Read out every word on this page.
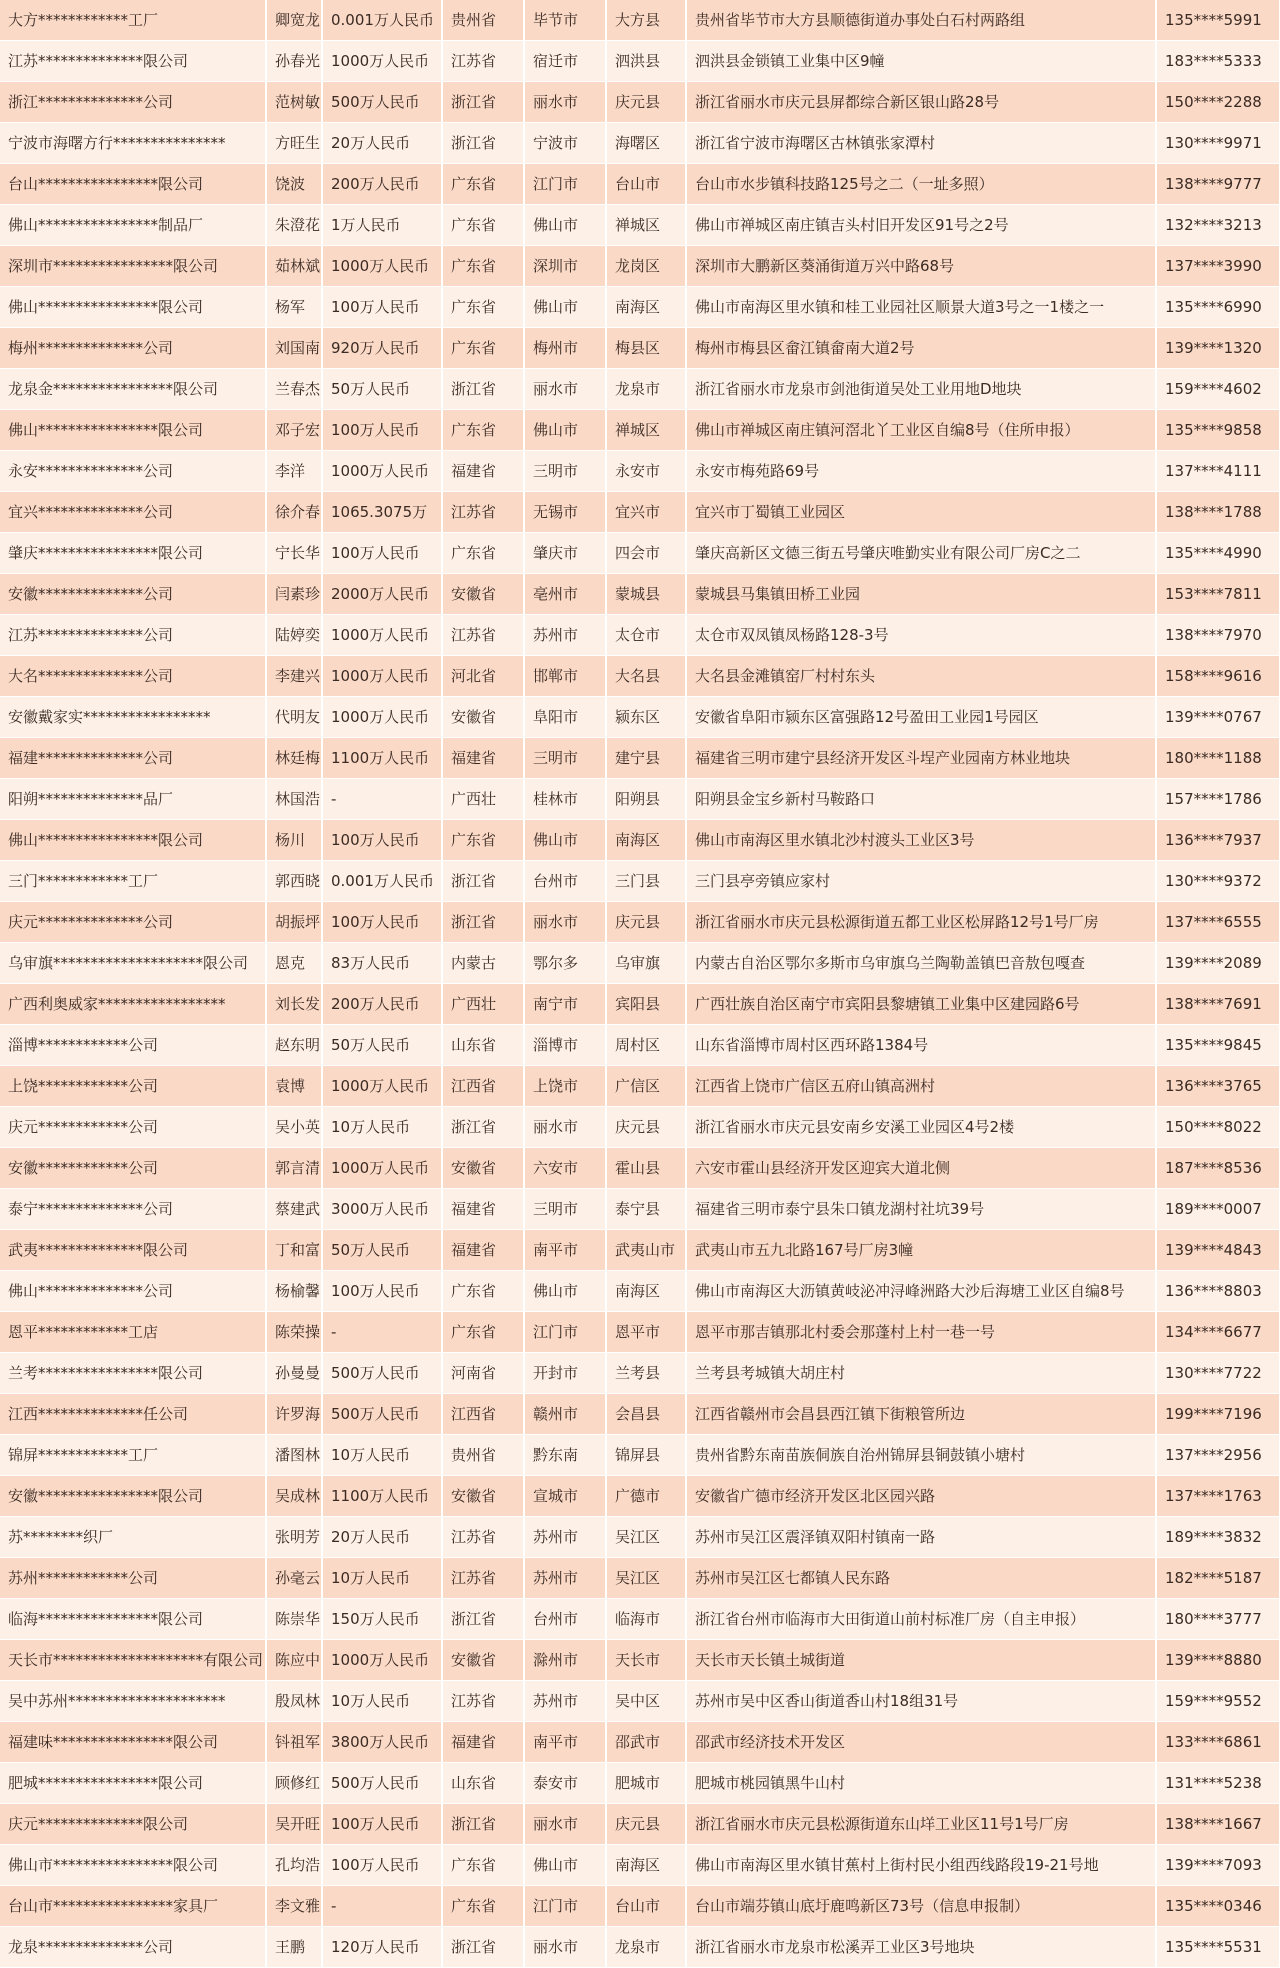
大方************工厂	卿宽龙	0.001万人民币	贵州省	毕节市	大方县	贵州省毕节市大方县顺德街道办事处白石村两路组	135****5991
江苏**************限公司	孙春光	1000万人民币	江苏省	宿迁市	泗洪县	泗洪县金锁镇工业集中区9幢	183****5333
浙江**************公司	范树敏	500万人民币	浙江省	丽水市	庆元县	浙江省丽水市庆元县屏都综合新区银山路28号	150****2288
宁波市海曙方行***************	方旺生	20万人民币	浙江省	宁波市	海曙区	浙江省宁波市海曙区古林镇张家潭村	130****9971
台山****************限公司	饶波	200万人民币	广东省	江门市	台山市	台山市水步镇科技路125号之二（一址多照）	138****9777
佛山****************制品厂	朱澄花	1万人民币	广东省	佛山市	禅城区	佛山市禅城区南庄镇吉头村旧开发区91号之2号	132****3213
深圳市****************限公司	茹林斌	1000万人民币	广东省	深圳市	龙岗区	深圳市大鹏新区葵涌街道万兴中路68号	137****3990
佛山****************限公司	杨军	100万人民币	广东省	佛山市	南海区	佛山市南海区里水镇和桂工业园社区顺景大道3号之一1楼之一	135****6990
梅州**************公司	刘国南	920万人民币	广东省	梅州市	梅县区	梅州市梅县区畲江镇畲南大道2号	139****1320
龙泉金****************限公司	兰春杰	50万人民币	浙江省	丽水市	龙泉市	浙江省丽水市龙泉市剑池街道吴处工业用地D地块	159****4602
佛山****************限公司	邓子宏	100万人民币	广东省	佛山市	禅城区	佛山市禅城区南庄镇河滘北丫工业区自编8号（住所申报）	135****9858
永安**************公司	李洋	1000万人民币	福建省	三明市	永安市	永安市梅苑路69号	137****4111
宜兴**************公司	徐介春	1065.3075万	江苏省	无锡市	宜兴市	宜兴市丁蜀镇工业园区	138****1788
肇庆****************限公司	宁长华	100万人民币	广东省	肇庆市	四会市	肇庆高新区文德三街五号肇庆唯勤实业有限公司厂房C之二	135****4990
安徽**************公司	闫素珍	2000万人民币	安徽省	亳州市	蒙城县	蒙城县马集镇田桥工业园	153****7811
江苏**************公司	陆婷奕	1000万人民币	江苏省	苏州市	太仓市	太仓市双凤镇凤杨路128-3号	138****7970
大名**************公司	李建兴	1000万人民币	河北省	邯郸市	大名县	大名县金滩镇窑厂村村东头	158****9616
安徽戴家实*****************	代明友	1000万人民币	安徽省	阜阳市	颍东区	安徽省阜阳市颍东区富强路12号盈田工业园1号园区	139****0767
福建**************公司	林廷梅	1100万人民币	福建省	三明市	建宁县	福建省三明市建宁县经济开发区斗埕产业园南方林业地块	180****1188
阳朔**************品厂	林国浩	-	广西壮	桂林市	阳朔县	阳朔县金宝乡新村马鞍路口	157****1786
佛山****************限公司	杨川	100万人民币	广东省	佛山市	南海区	佛山市南海区里水镇北沙村渡头工业区3号	136****7937
三门************工厂	郭西晓	0.001万人民币	浙江省	台州市	三门县	三门县亭旁镇应家村	130****9372
庆元**************公司	胡振坪	100万人民币	浙江省	丽水市	庆元县	浙江省丽水市庆元县松源街道五都工业区松屏路12号1号厂房	137****6555
乌审旗********************限公司	恩克	83万人民币	内蒙古	鄂尔多	乌审旗	内蒙古自治区鄂尔多斯市乌审旗乌兰陶勒盖镇巴音敖包嘎查	139****2089
广西利奥威家*****************	刘长发	200万人民币	广西壮	南宁市	宾阳县	广西壮族自治区南宁市宾阳县黎塘镇工业集中区建园路6号	138****7691
淄博************公司	赵东明	50万人民币	山东省	淄博市	周村区	山东省淄博市周村区西环路1384号	135****9845
上饶************公司	袁博	1000万人民币	江西省	上饶市	广信区	江西省上饶市广信区五府山镇高洲村	136****3765
庆元************公司	吴小英	10万人民币	浙江省	丽水市	庆元县	浙江省丽水市庆元县安南乡安溪工业园区4号2楼	150****8022
安徽************公司	郭言清	1000万人民币	安徽省	六安市	霍山县	六安市霍山县经济开发区迎宾大道北侧	187****8536
泰宁**************公司	蔡建武	3000万人民币	福建省	三明市	泰宁县	福建省三明市泰宁县朱口镇龙湖村社坑39号	189****0007
武夷**************限公司	丁和富	50万人民币	福建省	南平市	武夷山市	武夷山市五九北路167号厂房3幢	139****4843
佛山**************公司	杨榆馨	100万人民币	广东省	佛山市	南海区	佛山市南海区大沥镇黄岐泌冲浔峰洲路大沙后海塘工业区自编8号	136****8803
恩平************工店	陈荣操	-	广东省	江门市	恩平市	恩平市那吉镇那北村委会那蓬村上村一巷一号	134****6677
兰考****************限公司	孙曼曼	500万人民币	河南省	开封市	兰考县	兰考县考城镇大胡庄村	130****7722
江西**************任公司	许罗海	500万人民币	江西省	赣州市	会昌县	江西省赣州市会昌县西江镇下街粮管所边	199****7196
锦屏************工厂	潘图林	10万人民币	贵州省	黔东南	锦屏县	贵州省黔东南苗族侗族自治州锦屏县铜鼓镇小塘村	137****2956
安徽****************限公司	吴成林	1100万人民币	安徽省	宣城市	广德市	安徽省广德市经济开发区北区园兴路	137****1763
苏********织厂	张明芳	20万人民币	江苏省	苏州市	吴江区	苏州市吴江区震泽镇双阳村镇南一路	189****3832
苏州************公司	孙毫云	10万人民币	江苏省	苏州市	吴江区	苏州市吴江区七都镇人民东路	182****5187
临海****************限公司	陈崇华	150万人民币	浙江省	台州市	临海市	浙江省台州市临海市大田街道山前村标准厂房（自主申报）	180****3777
天长市********************有限公司	陈应中	1000万人民币	安徽省	滁州市	天长市	天长市天长镇土城街道	139****8880
吴中苏州*********************	殷凤林	10万人民币	江苏省	苏州市	吴中区	苏州市吴中区香山街道香山村18组31号	159****9552
福建味****************限公司	钭祖军	3800万人民币	福建省	南平市	邵武市	邵武市经济技术开发区	133****6861
肥城****************限公司	顾修红	500万人民币	山东省	泰安市	肥城市	肥城市桃园镇黑牛山村	131****5238
庆元**************限公司	吴开旺	100万人民币	浙江省	丽水市	庆元县	浙江省丽水市庆元县松源街道东山垟工业区11号1号厂房	138****1667
佛山市****************限公司	孔均浩	100万人民币	广东省	佛山市	南海区	佛山市南海区里水镇甘蕉村上街村民小组西线路段19-21号地	139****7093
台山市****************家具厂	李文雅	-	广东省	江门市	台山市	台山市端芬镇山底圩鹿鸣新区73号（信息申报制）	135****0346
龙泉**************公司	王鹏	120万人民币	浙江省	丽水市	龙泉市	浙江省丽水市龙泉市松溪弄工业区3号地块	135****5531
